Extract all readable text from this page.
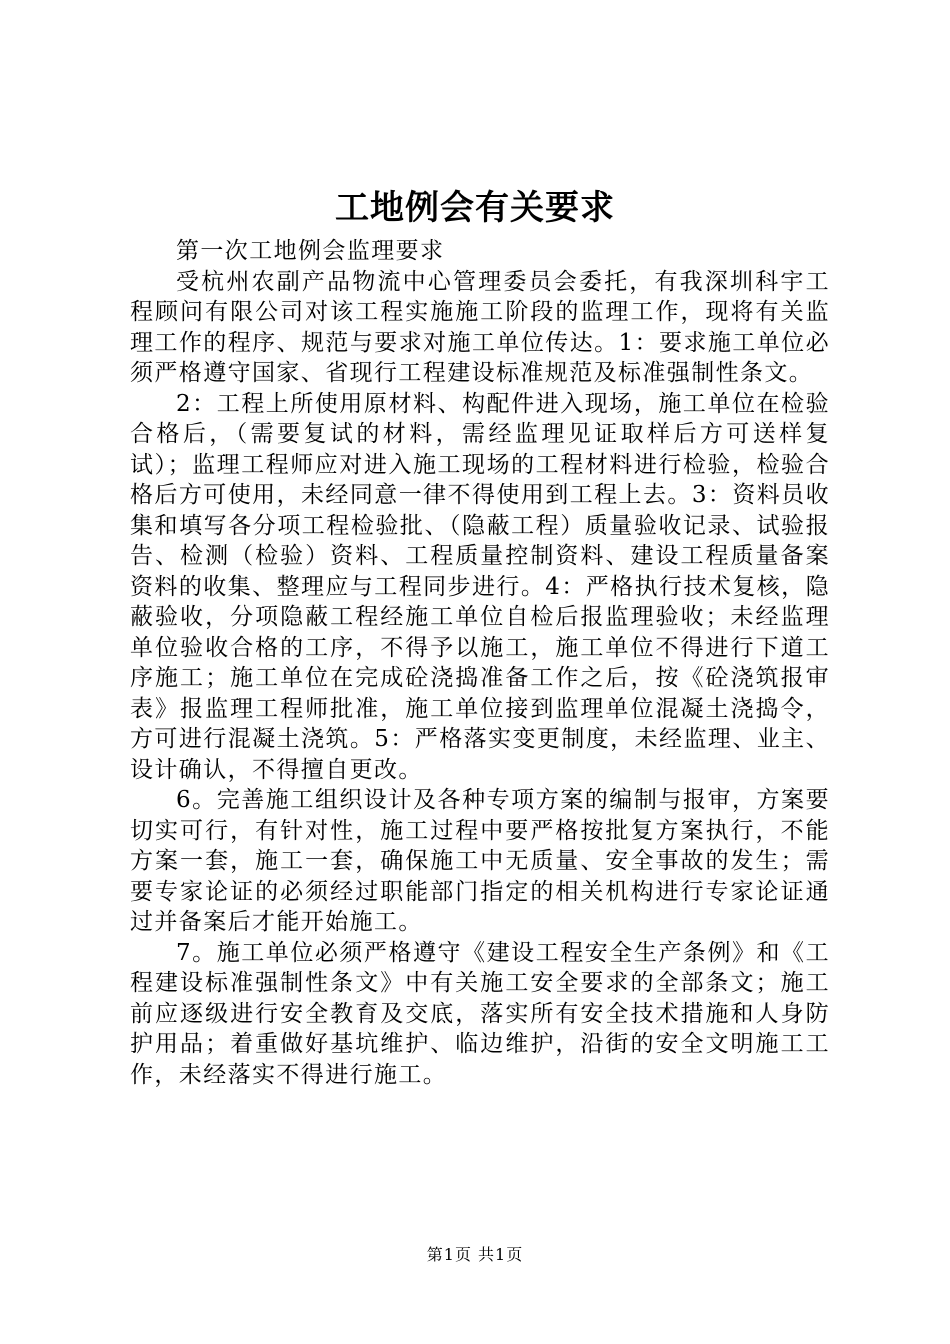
工地例会有关要求

第一次工地例会监理要求

受杭州农副产品物流中心管理委员会委托，有我深圳科宇工程顾问有限公司对该工程实施施工阶段的监理工作，现将有关监理工作的程序、规范与要求对施工单位传达。1：要求施工单位必须严格遵守国家、省现行工程建设标准规范及标准强制性条文。

2：工程上所使用原材料、构配件进入现场，施工单位在检验合格后，（需要复试的材料，需经监理见证取样后方可送样复试）；监理工程师应对进入施工现场的工程材料进行检验，检验合格后方可使用，未经同意一律不得使用到工程上去。3：资料员收集和填写各分项工程检验批、（隐蔽工程）质量验收记录、试验报告、检测（检验）资料、工程质量控制资料、建设工程质量备案资料的收集、整理应与工程同步进行。4：严格执行技术复核，隐蔽验收，分项隐蔽工程经施工单位自检后报监理验收；未经监理单位验收合格的工序，不得予以施工，施工单位不得进行下道工序施工；施工单位在完成砼浇捣准备工作之后，按《砼浇筑报审表》报监理工程师批准，施工单位接到监理单位混凝土浇捣令，方可进行混凝土浇筑。5：严格落实变更制度，未经监理、业主、设计确认，不得擅自更改。

6。完善施工组织设计及各种专项方案的编制与报审，方案要切实可行，有针对性，施工过程中要严格按批复方案执行，不能方案一套，施工一套，确保施工中无质量、安全事故的发生；需要专家论证的必须经过职能部门指定的相关机构进行专家论证通过并备案后才能开始施工。

7。施工单位必须严格遵守《建设工程安全生产条例》和《工程建设标准强制性条文》中有关施工安全要求的全部条文；施工前应逐级进行安全教育及交底，落实所有安全技术措施和人身防护用品；着重做好基坑维护、临边维护，沿街的安全文明施工工作，未经落实不得进行施工。

第1页 共1页
